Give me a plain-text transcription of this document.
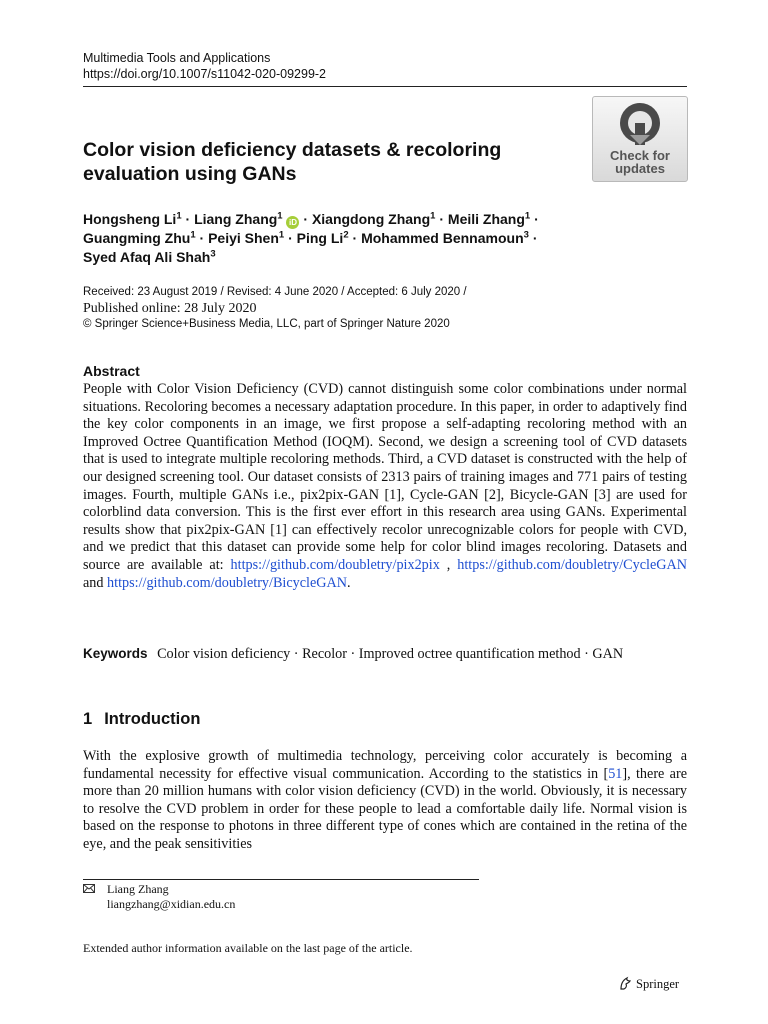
Multimedia Tools and Applications
https://doi.org/10.1007/s11042-020-09299-2
Check for
updates
Color vision deficiency datasets & recoloring
evaluation using GANs
Hongsheng $Li^1$ · Liang Zhang$^1$ iD · Xiangdong Zhang$^1$ · Meili Zhang$^1$ ·
Guangming Zhu$^1$ · Peiyi Shen$^1$ · Ping $Li^2$ · Mohammed Bennamoun$^3$ ·
Syed Afaq Ali Shah$^3$
Received: 23 August 2019 / Revised: 4 June 2020 / Accepted: 6 July 2020 /
Published online: 28 July 2020
© Springer Science+Business Media, LLC, part of Springer Nature 2020
Abstract
People with Color Vision Deficiency (CVD) cannot distinguish some color combinations under normal situations. Recoloring becomes a necessary adaptation procedure. In this paper, in order to adaptively find the key color components in an image, we first propose a self-adapting recoloring method with an Improved Octree Quantification Method (IOQM). Second, we design a screening tool of CVD datasets that is used to integrate multiple recoloring methods. Third, a CVD dataset is constructed with the help of our designed screening tool. Our dataset consists of 2313 pairs of training images and 771 pairs of testing images. Fourth, multiple GANs i.e., pix2pix-GAN [1], Cycle-GAN [2], Bicycle-GAN [3] are used for colorblind data conversion. This is the first ever effort in this research area using GANs. Experimental results show that pix2pix-GAN [1] can effectively recolor unrecognizable colors for people with CVD, and we predict that this dataset can provide some help for color blind images recoloring. Datasets and source are available at: https://github.com/doubletry/pix2pix , https://github.com/doubletry/CycleGAN and https://github.com/doubletry/BicycleGAN.
Keywords Color vision deficiency · Recolor · Improved octree quantification method · GAN
1 Introduction
With the explosive growth of multimedia technology, perceiving color accurately is becoming a fundamental necessity for effective visual communication. According to the statistics in [51], there are more than 20 million humans with color vision deficiency (CVD) in the world. Obviously, it is necessary to resolve the CVD problem in order for these people to lead a comfortable daily life. Normal vision is based on the response to photons in three different type of cones which are contained in the retina of the eye, and the peak sensitivities
Liang Zhang
liangzhang@xidian.edu.cn
Extended author information available on the last page of the article.
Springer
